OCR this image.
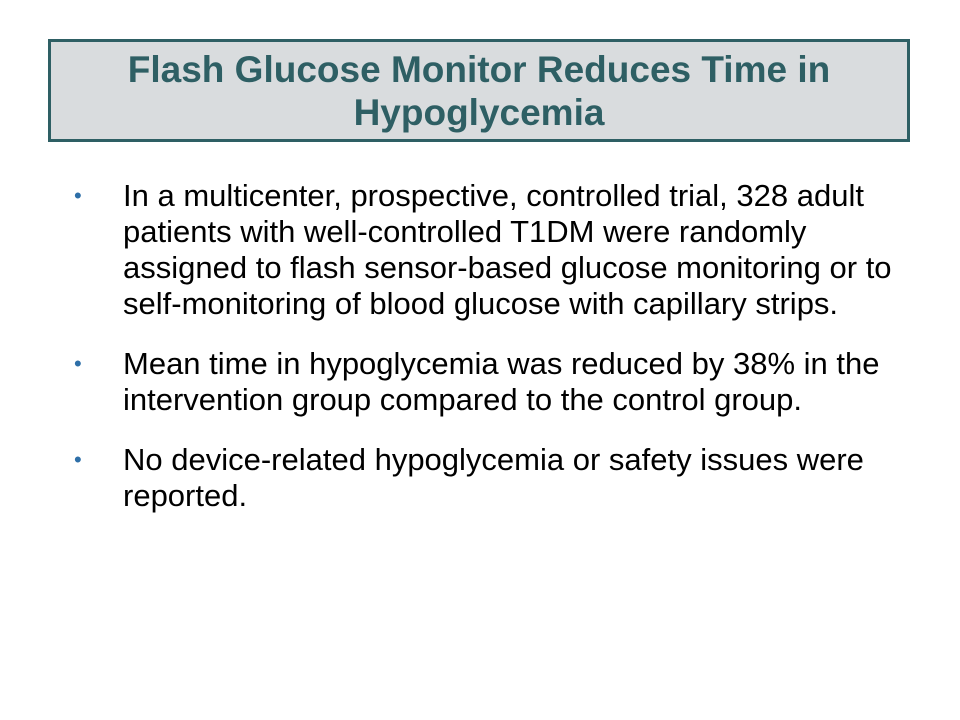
Flash Glucose Monitor Reduces Time in Hypoglycemia
• In a multicenter, prospective, controlled trial, 328 adult patients with well-controlled T1DM were randomly assigned to flash sensor-based glucose monitoring or to self-monitoring of blood glucose with capillary strips.
• Mean time in hypoglycemia was reduced by 38% in the intervention group compared to the control group.
• No device-related hypoglycemia or safety issues were reported.
